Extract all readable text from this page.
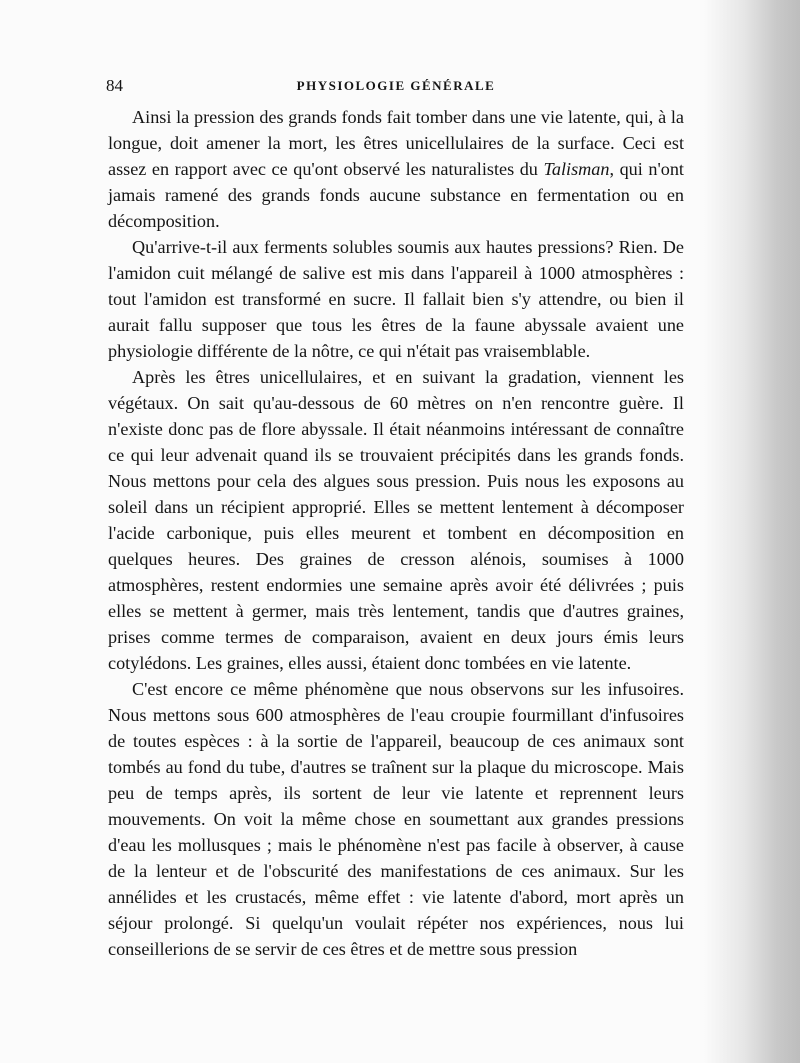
84	PHYSIOLOGIE GÉNÉRALE

Ainsi la pression des grands fonds fait tomber dans une vie latente, qui, à la longue, doit amener la mort, les êtres unicellulaires de la surface. Ceci est assez en rapport avec ce qu'ont observé les naturalistes du Talisman, qui n'ont jamais ramené des grands fonds aucune substance en fermentation ou en décomposition.

Qu'arrive-t-il aux ferments solubles soumis aux hautes pressions? Rien. De l'amidon cuit mélangé de salive est mis dans l'appareil à 1000 atmosphères : tout l'amidon est transformé en sucre. Il fallait bien s'y attendre, ou bien il aurait fallu supposer que tous les êtres de la faune abyssale avaient une physiologie différente de la nôtre, ce qui n'était pas vraisemblable.

Après les êtres unicellulaires, et en suivant la gradation, viennent les végétaux. On sait qu'au-dessous de 60 mètres on n'en rencontre guère. Il n'existe donc pas de flore abyssale. Il était néanmoins intéressant de connaître ce qui leur advenait quand ils se trouvaient précipités dans les grands fonds. Nous mettons pour cela des algues sous pression. Puis nous les exposons au soleil dans un récipient approprié. Elles se mettent lentement à décomposer l'acide carbonique, puis elles meurent et tombent en décomposition en quelques heures. Des graines de cresson alénois, soumises à 1000 atmosphères, restent endormies une semaine après avoir été délivrées ; puis elles se mettent à germer, mais très lentement, tandis que d'autres graines, prises comme termes de comparaison, avaient en deux jours émis leurs cotylédons. Les graines, elles aussi, étaient donc tombées en vie latente.

C'est encore ce même phénomène que nous observons sur les infusoires. Nous mettons sous 600 atmosphères de l'eau croupie fourmillant d'infusoires de toutes espèces : à la sortie de l'appareil, beaucoup de ces animaux sont tombés au fond du tube, d'autres se traînent sur la plaque du microscope. Mais peu de temps après, ils sortent de leur vie latente et reprennent leurs mouvements. On voit la même chose en soumettant aux grandes pressions d'eau les mollusques ; mais le phénomène n'est pas facile à observer, à cause de la lenteur et de l'obscurité des manifestations de ces animaux. Sur les annélides et les crustacés, même effet : vie latente d'abord, mort après un séjour prolongé. Si quelqu'un voulait répéter nos expériences, nous lui conseillerions de se servir de ces êtres et de mettre sous pression
